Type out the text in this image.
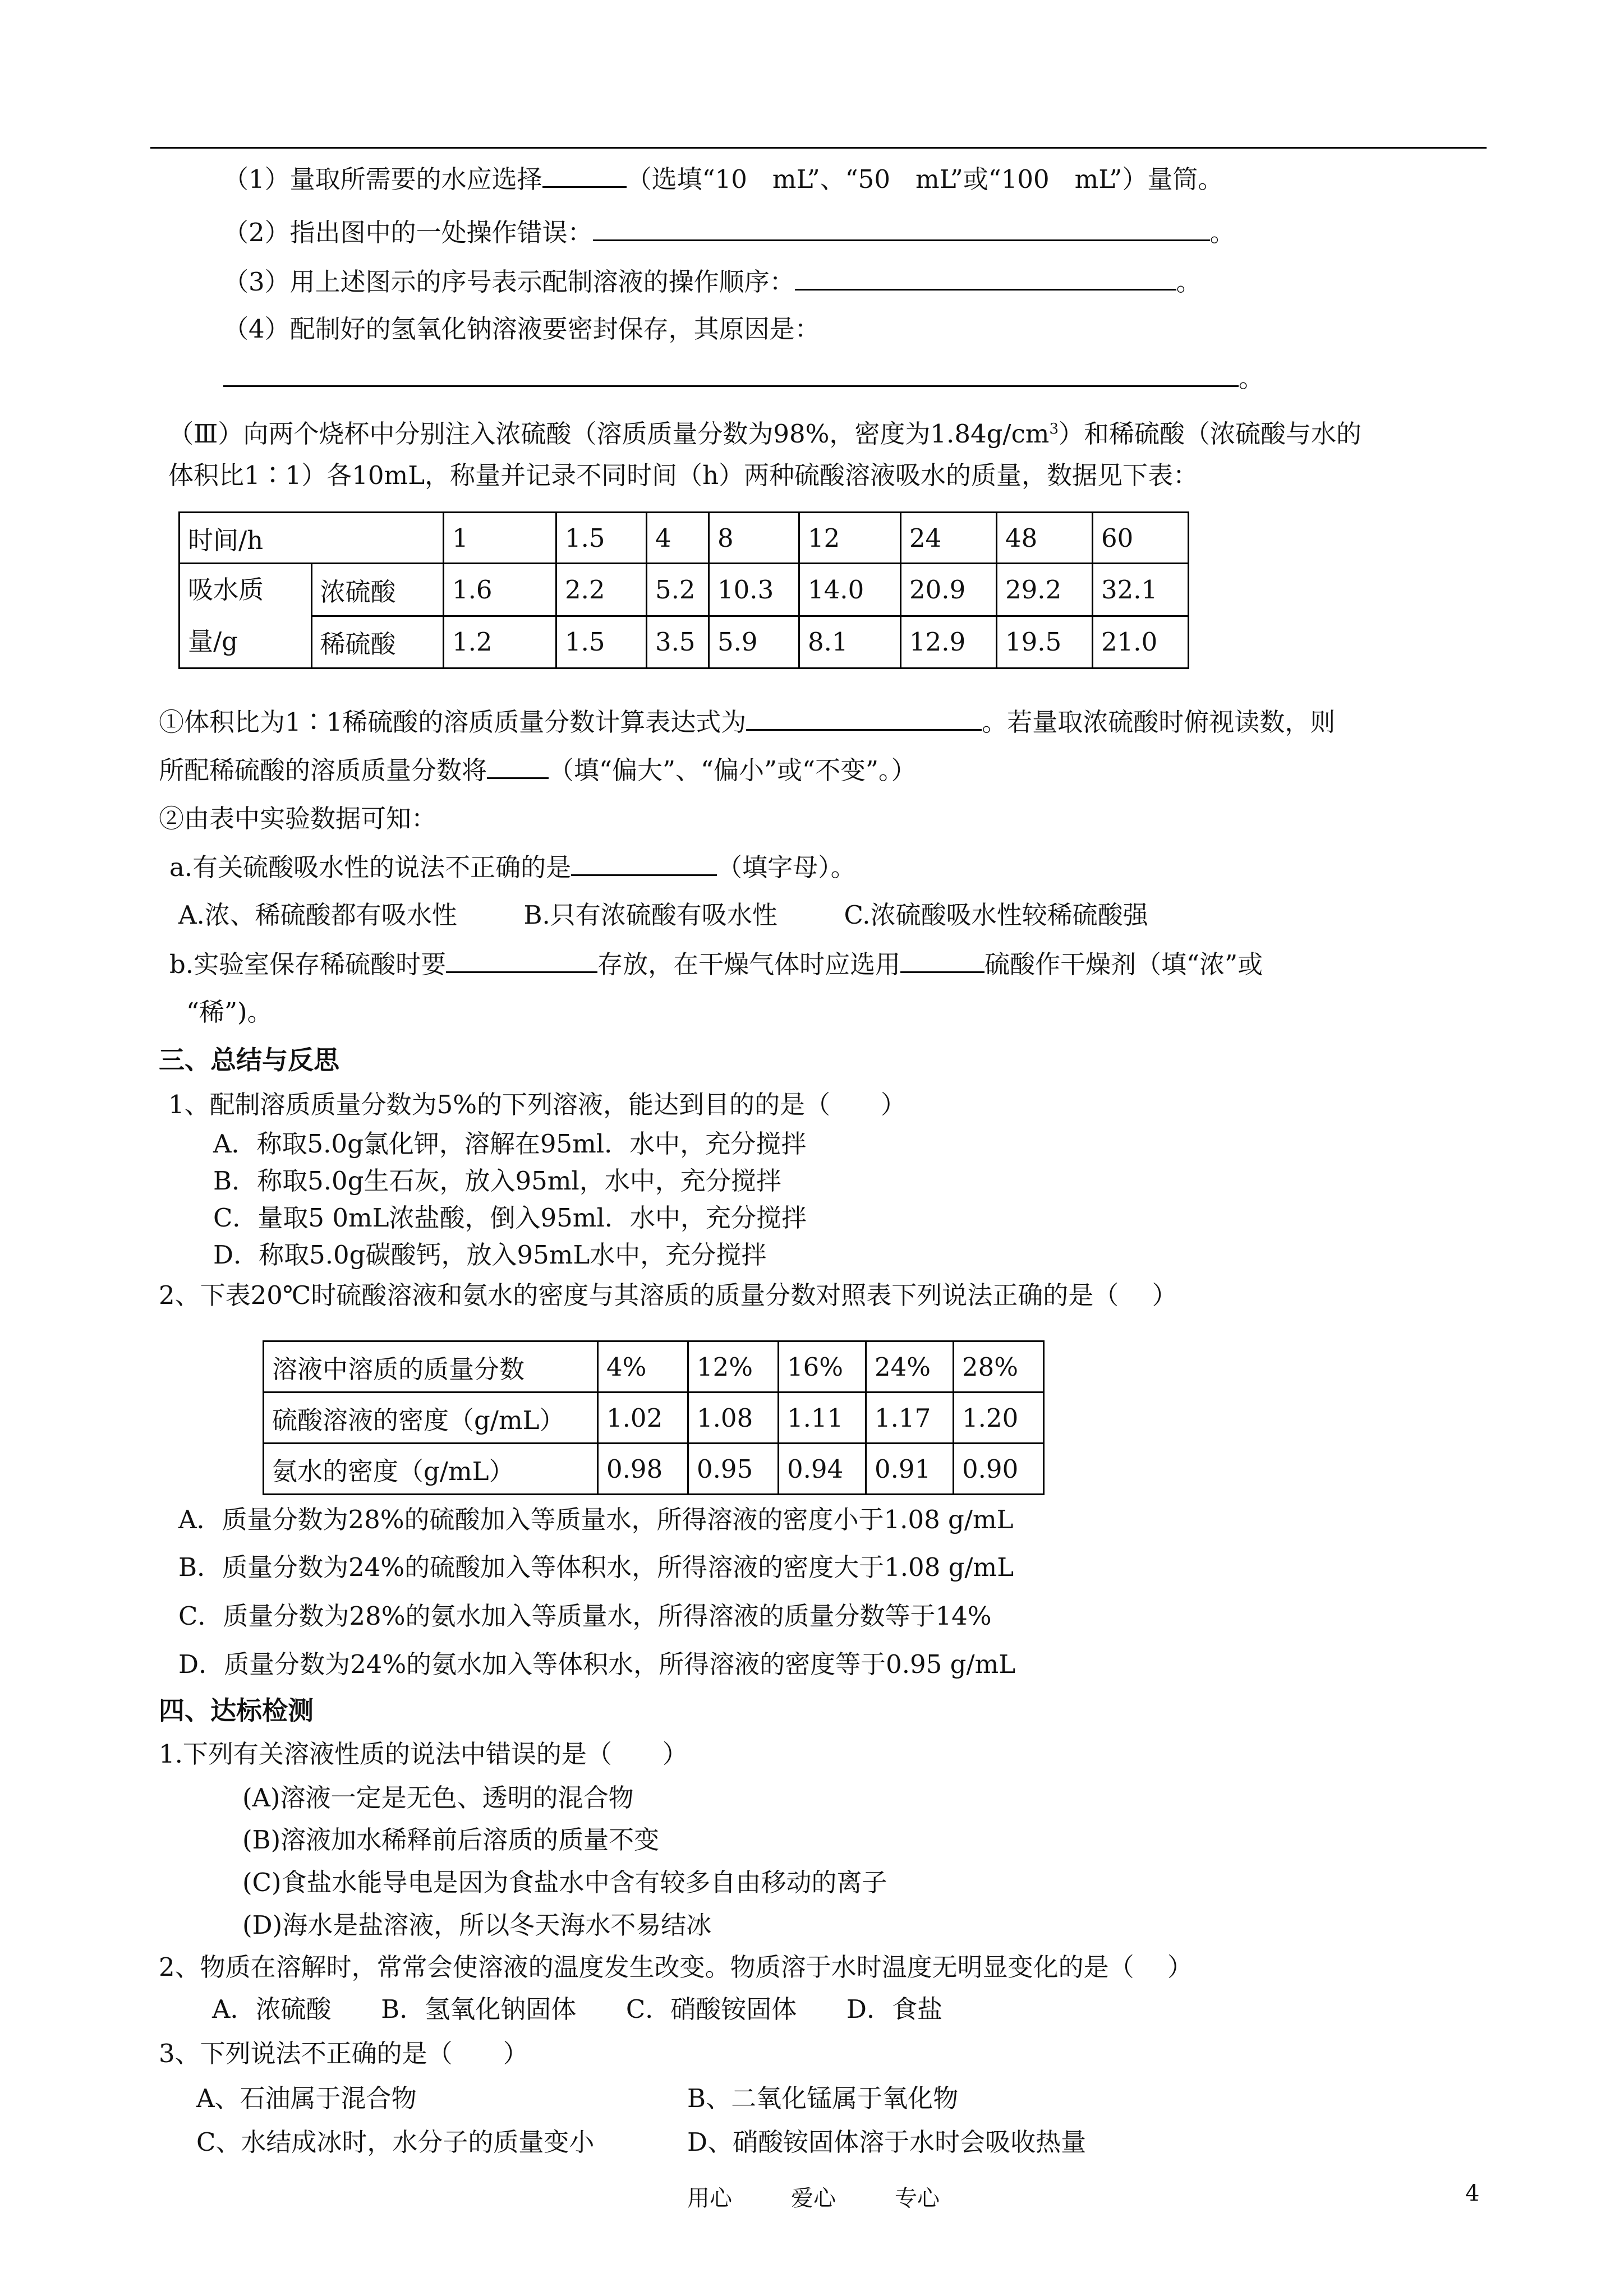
（1）量取所需要的水应选择	（选填“10　mL”、“50　mL”或“100　mL”）量筒。
（2）指出图中的一处操作错误：	。
（3）用上述图示的序号表示配制溶液的操作顺序：	。
（4）配制好的氢氧化钠溶液要密封保存，其原因是：
。
（Ⅲ）向两个烧杯中分别注入浓硫酸（溶质质量分数为98%，密度为$1.84g/cm^3$）和稀硫酸（浓硫酸与水的
体积比1∶1）各10mL，称量并记录不同时间（h）两种硫酸溶液吸水的质量，数据见下表：
时间/h		1	1.5	4	8	12	24	48	60
吸水质
量/g	浓硫酸	1.6	2.2	5.2	10.3	14.0	20.9	29.2	32.1
	稀硫酸	1.2	1.5	3.5	5.9	8.1	12.9	19.5	21.0
①体积比为1∶1稀硫酸的溶质质量分数计算表达式为	。若量取浓硫酸时俯视读数，则
所配稀硫酸的溶质质量分数将 （填“偏大”、“偏小”或“不变”。）
②由表中实验数据可知：
a.有关硫酸吸水性的说法不正确的是	（填字母）。
A.浓、稀硫酸都有吸水性	B.只有浓硫酸有吸水性	C.浓硫酸吸水性较稀硫酸强
b.实验室保存稀硫酸时要	存放，在干燥气体时应选用	硫酸作干燥剂（填“浓”或
“稀”)。
三、总结与反思
1、配制溶质质量分数为5%的下列溶液，能达到目的的是（　　）
A．称取5.0g氯化钾，溶解在95ml．水中，充分搅拌
B．称取5.0g生石灰，放入95ml，水中，充分搅拌
C．量取5 0mL浓盐酸，倒入95ml．水中，充分搅拌
D．称取5.0g碳酸钙，放入95mL水中，充分搅拌
2、下表20℃时硫酸溶液和氨水的密度与其溶质的质量分数对照表下列说法正确的是（　 ）
溶液中溶质的质量分数	4%	12%	16%	24%	28%
硫酸溶液的密度（g/mL）	1.02	1.08	1.11	1.17	1.20
氨水的密度（g/mL）	0.98	0.95	0.94	0.91	0.90
A．质量分数为28%的硫酸加入等质量水，所得溶液的密度小于1.08 g/mL
B．质量分数为24%的硫酸加入等体积水，所得溶液的密度大于1.08 g/mL
C．质量分数为28%的氨水加入等质量水，所得溶液的质量分数等于14%
D．质量分数为24%的氨水加入等体积水，所得溶液的密度等于0.95 g/mL
四、达标检测
1.下列有关溶液性质的说法中错误的是（　　）
(A)溶液一定是无色、透明的混合物
(B)溶液加水稀释前后溶质的质量不变
(C)食盐水能导电是因为食盐水中含有较多自由移动的离子
(D)海水是盐溶液，所以冬天海水不易结冰
2、物质在溶解时，常常会使溶液的温度发生改变。物质溶于水时温度无明显变化的是（　 ）
A．浓硫酸 B．氢氧化钠固体 C．硝酸铵固体 D．食盐
3、下列说法不正确的是（　　）
A、石油属于混合物	B、二氧化锰属于氧化物
C、水结成冰时，水分子的质量变小	D、硝酸铵固体溶于水时会吸收热量
用心	爱心	专心	4
